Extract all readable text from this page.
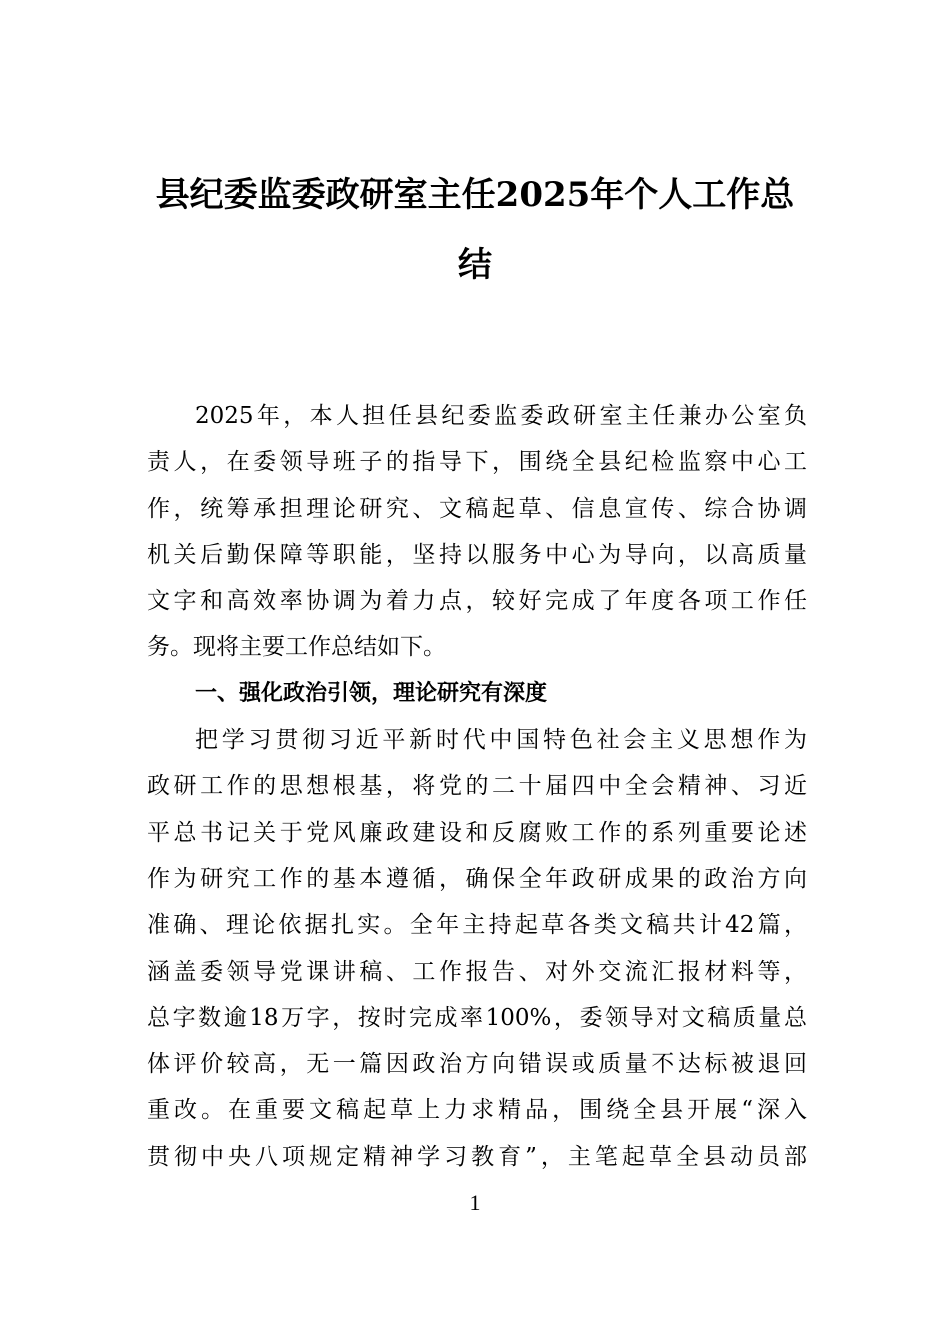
县纪委监委政研室主任2025年个人工作总
结
2025年，本人担任县纪委监委政研室主任兼办公室负
责人，在委领导班子的指导下，围绕全县纪检监察中心工
作，统筹承担理论研究、文稿起草、信息宣传、综合协调
机关后勤保障等职能，坚持以服务中心为导向，以高质量
文字和高效率协调为着力点，较好完成了年度各项工作任
务。现将主要工作总结如下。
一、强化政治引领，理论研究有深度
把学习贯彻习近平新时代中国特色社会主义思想作为
政研工作的思想根基，将党的二十届四中全会精神、习近
平总书记关于党风廉政建设和反腐败工作的系列重要论述
作为研究工作的基本遵循，确保全年政研成果的政治方向
准确、理论依据扎实。全年主持起草各类文稿共计42篇，
涵盖委领导党课讲稿、工作报告、对外交流汇报材料等，
总字数逾18万字，按时完成率100%，委领导对文稿质量总
体评价较高，无一篇因政治方向错误或质量不达标被退回
重改。在重要文稿起草上力求精品，围绕全县开展“深入
贯彻中央八项规定精神学习教育”，主笔起草全县动员部
1
